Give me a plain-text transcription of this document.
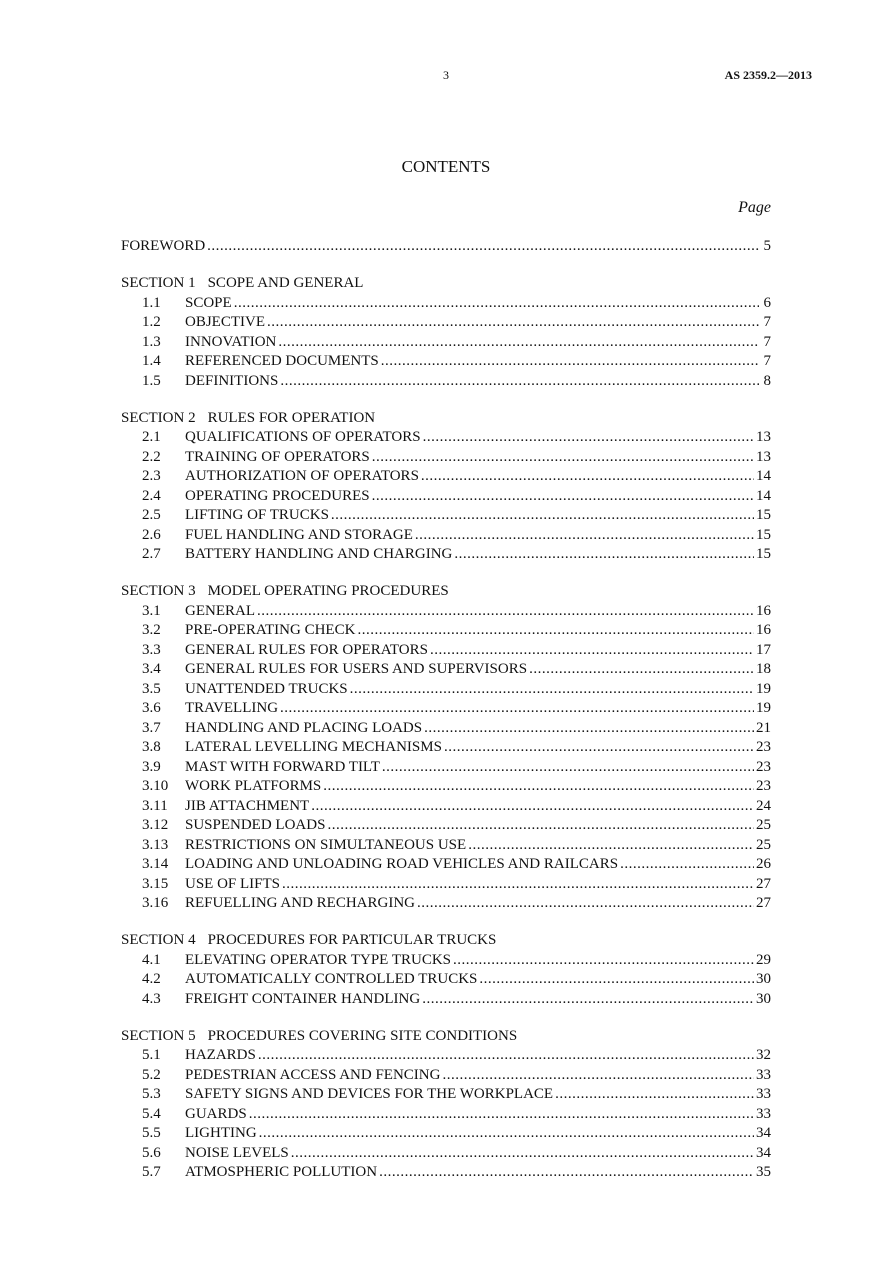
3	AS 2359.2—2013
CONTENTS
Page
FOREWORD .....	5
SECTION 1 SCOPE AND GENERAL
1.1	SCOPE .....	6
1.2	OBJECTIVE .....	7
1.3	INNOVATION .....	7
1.4	REFERENCED DOCUMENTS .....	7
1.5	DEFINITIONS .....	8
SECTION 2 RULES FOR OPERATION
2.1	QUALIFICATIONS OF OPERATORS .....	13
2.2	TRAINING OF OPERATORS .....	13
2.3	AUTHORIZATION OF OPERATORS .....	14
2.4	OPERATING PROCEDURES .....	14
2.5	LIFTING OF TRUCKS .....	15
2.6	FUEL HANDLING AND STORAGE .....	15
2.7	BATTERY HANDLING AND CHARGING .....	15
SECTION 3 MODEL OPERATING PROCEDURES
3.1	GENERAL .....	16
3.2	PRE-OPERATING CHECK .....	16
3.3	GENERAL RULES FOR OPERATORS .....	17
3.4	GENERAL RULES FOR USERS AND SUPERVISORS .....	18
3.5	UNATTENDED TRUCKS .....	19
3.6	TRAVELLING .....	19
3.7	HANDLING AND PLACING LOADS .....	21
3.8	LATERAL LEVELLING MECHANISMS .....	23
3.9	MAST WITH FORWARD TILT .....	23
3.10	WORK PLATFORMS .....	23
3.11	JIB ATTACHMENT .....	24
3.12	SUSPENDED LOADS .....	25
3.13	RESTRICTIONS ON SIMULTANEOUS USE .....	25
3.14	LOADING AND UNLOADING ROAD VEHICLES AND RAILCARS .....	26
3.15	USE OF LIFTS .....	27
3.16	REFUELLING AND RECHARGING .....	27
SECTION 4 PROCEDURES FOR PARTICULAR TRUCKS
4.1	ELEVATING OPERATOR TYPE TRUCKS .....	29
4.2	AUTOMATICALLY CONTROLLED TRUCKS .....	30
4.3	FREIGHT CONTAINER HANDLING .....	30
SECTION 5 PROCEDURES COVERING SITE CONDITIONS
5.1	HAZARDS .....	32
5.2	PEDESTRIAN ACCESS AND FENCING .....	33
5.3	SAFETY SIGNS AND DEVICES FOR THE WORKPLACE .....	33
5.4	GUARDS .....	33
5.5	LIGHTING .....	34
5.6	NOISE LEVELS .....	34
5.7	ATMOSPHERIC POLLUTION .....	35
